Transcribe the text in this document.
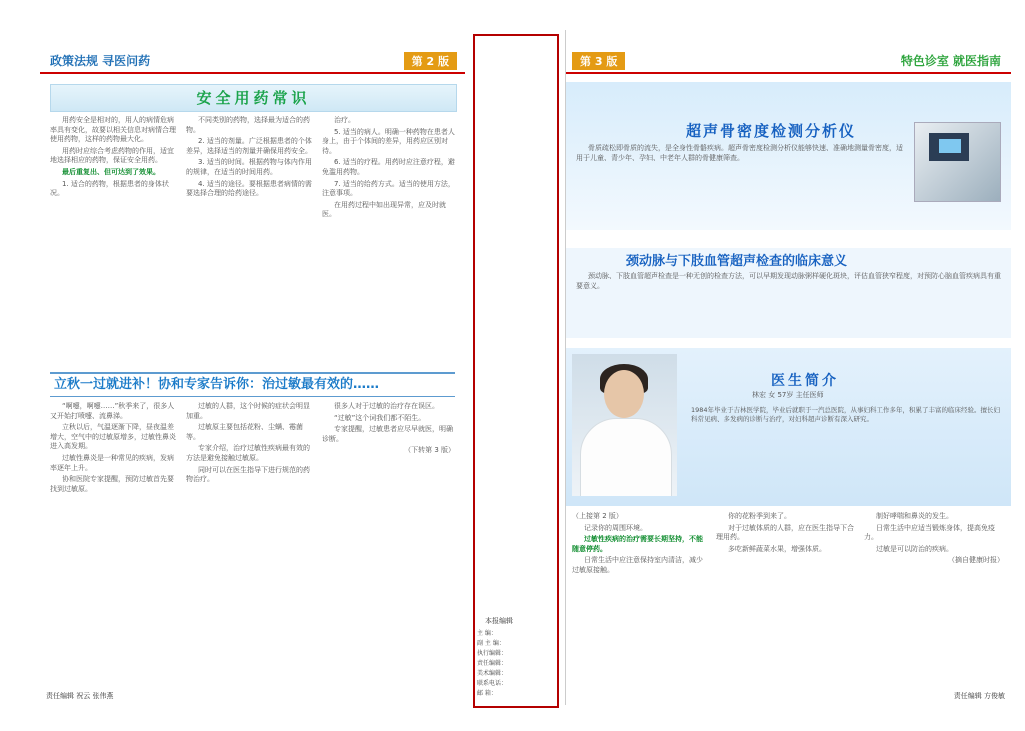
政策法规 寻医问药	第 2 版
安全用药常识

用药安全是相对的，用人的病情危病率具有变化，故要以相关信息对病情合理使用药物，这样的药物最大化。

用药时应综合考虑药物的作用，适宜地选择相应的药物，保证安全用药。

最后重复出、但可达到了效果。

1. 适合的药物，根据患者的身体状况。

不同类别的药物，选择最为适合的药物。

2. 适当的剂量。广泛根据患者的个体差异，选择适当的剂量并确保用药安全。

3. 适当的时间。根据药物与体内作用的规律，在适当的时间用药。

4. 适当的途径。要根据患者病情的需要选择合理的给药途径。

治疗。

5. 适当的病人。明确一种药物在患者人身上，由于个体间的差异，用药应区别对待。

6. 适当的疗程。用药时应注意疗程，避免滥用药物。

7. 适当的给药方式。适当的使用方法，注意事项。

在用药过程中如出现异常，应及时就医。

立秋一过就进补！协和专家告诉你：治过敏最有效的……

“啊嚏，啊嚏……”秋季来了，很多人又开始打喷嚏、流鼻涕。

立秋以后，气温逐渐下降，昼夜温差增大，空气中的过敏原增多，过敏性鼻炎进入高发期。

过敏性鼻炎是一种常见的疾病，发病率逐年上升。

协和医院专家提醒，预防过敏首先要找到过敏原。

过敏的人群，这个时候的症状会明显加重。

过敏原主要包括花粉、尘螨、霉菌等。

专家介绍，治疗过敏性疾病最有效的方法是避免接触过敏原。

同时可以在医生指导下进行规范的药物治疗。

很多人对于过敏的治疗存在误区。

“过敏”这个词我们都不陌生。

专家提醒，过敏患者应尽早就医，明确诊断。

（下转第 3 版）

责任编辑 祝云 张伟燕
本报编辑
主 编：
副 主 编：
执行编辑：
责任编辑：
美术编辑：
联系电话：
邮 箱：
第 3 版	特色诊室 就医指南
超声骨密度检测分析仪

骨质疏松即骨质的流失，是全身性骨骼疾病。超声骨密度检测分析仪能够快速、准确地测量骨密度，适用于儿童、青少年、孕妇、中老年人群的骨健康筛查。

颈动脉与下肢血管超声检查的临床意义

颈动脉、下肢血管超声检查是一种无创的检查方法，可以早期发现动脉粥样硬化斑块，评估血管狭窄程度，对预防心脑血管疾病具有重要意义。

医生简介
林宏 女 57岁 主任医师
1984年毕业于吉林医学院，毕业后就职于一汽总医院，从事妇科工作多年，积累了丰富的临床经验。擅长妇科常见病、多发病的诊断与治疗，对妇科超声诊断有深入研究。

（上接第 2 版）

记录你的周围环境。

过敏性疾病的治疗需要长期坚持，不能随意停药。

日常生活中应注意保持室内清洁，减少过敏原接触。

你的花粉季到来了。

对于过敏体质的人群，应在医生指导下合理用药。

多吃新鲜蔬菜水果，增强体质。

制好哮喘和鼻炎的发生。

日常生活中应适当锻炼身体，提高免疫力。

过敏是可以防治的疾病。

（摘自健康时报）

责任编辑 方俊敏
